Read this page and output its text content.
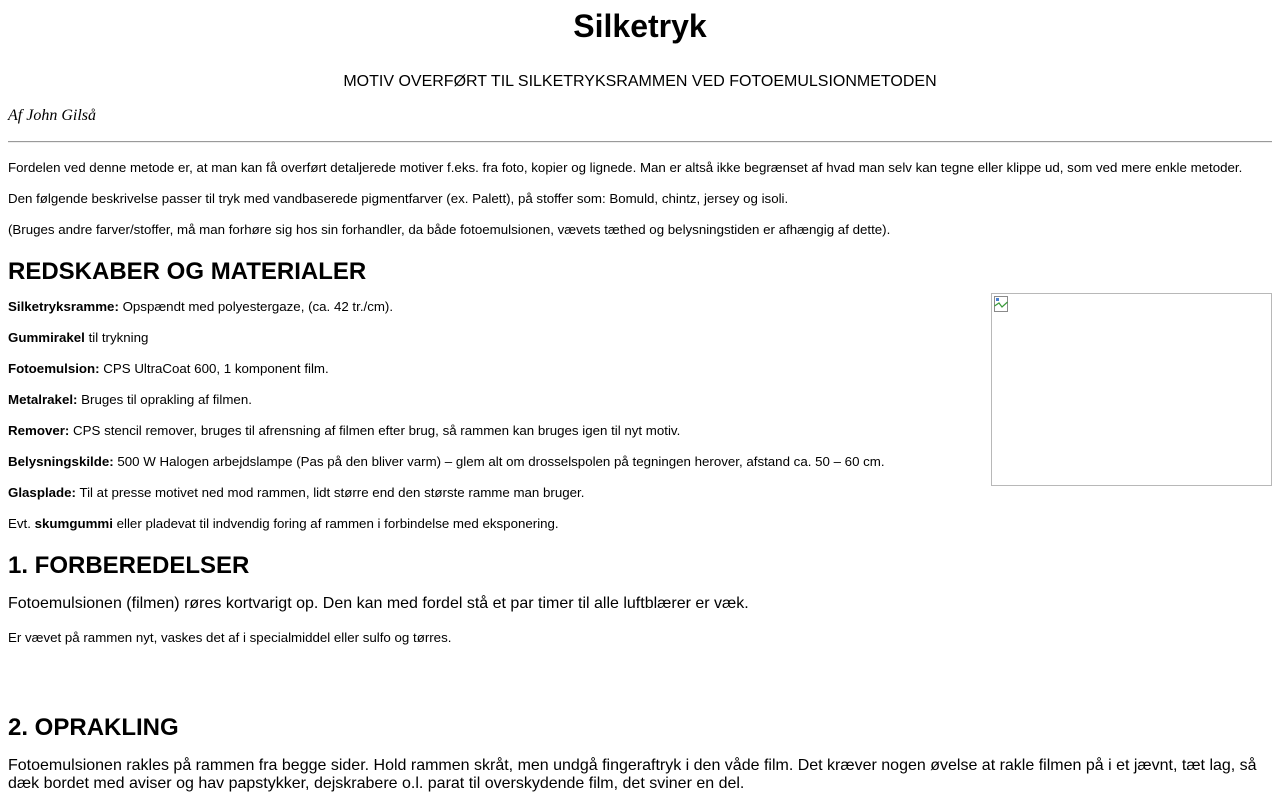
Silketryk

MOTIV OVERFØRT TIL SILKETRYKSRAMMEN VED FOTOEMULSIONMETODEN

Af John Gilså

Fordelen ved denne metode er, at man kan få overført detaljerede motiver f.eks. fra foto, kopier og lignede. Man er altså ikke begrænset af hvad man selv kan tegne eller klippe ud, som ved mere enkle metoder.

Den følgende beskrivelse passer til tryk med vandbaserede pigmentfarver (ex. Palett), på stoffer som: Bomuld, chintz, jersey og isoli.

(Bruges andre farver/stoffer, må man forhøre sig hos sin forhandler, da både fotoemulsionen, vævets tæthed og belysningstiden er afhængig af dette).

REDSKABER OG MATERIALER

Silketryksramme: Opspændt med polyestergaze, (ca. 42 tr./cm).

Gummirakel til trykning

Fotoemulsion: CPS UltraCoat 600, 1 komponent film.

Metalrakel: Bruges til oprakling af filmen.

Remover: CPS stencil remover, bruges til afrensning af filmen efter brug, så rammen kan bruges igen til nyt motiv.

Belysningskilde: 500 W Halogen arbejdslampe (Pas på den bliver varm) – glem alt om drosselspolen på tegningen herover, afstand ca. 50 – 60 cm.

Glasplade: Til at presse motivet ned mod rammen, lidt større end den største ramme man bruger.

Evt. skumgummi eller pladevat til indvendig foring af rammen i forbindelse med eksponering.

1. FORBEREDELSER

Fotoemulsionen (filmen) røres kortvarigt op. Den kan med fordel stå et par timer til alle luftblærer er væk.

Er vævet på rammen nyt, vaskes det af i specialmiddel eller sulfo og tørres.

2. OPRAKLING

Fotoemulsionen rakles på rammen fra begge sider. Hold rammen skråt, men undgå fingeraftryk i den våde film. Det kræver nogen øvelse at rakle filmen på i et jævnt, tæt lag, så dæk bordet med aviser og hav papstykker, dejskrabere o.l. parat til overskydende film, det sviner en del.
